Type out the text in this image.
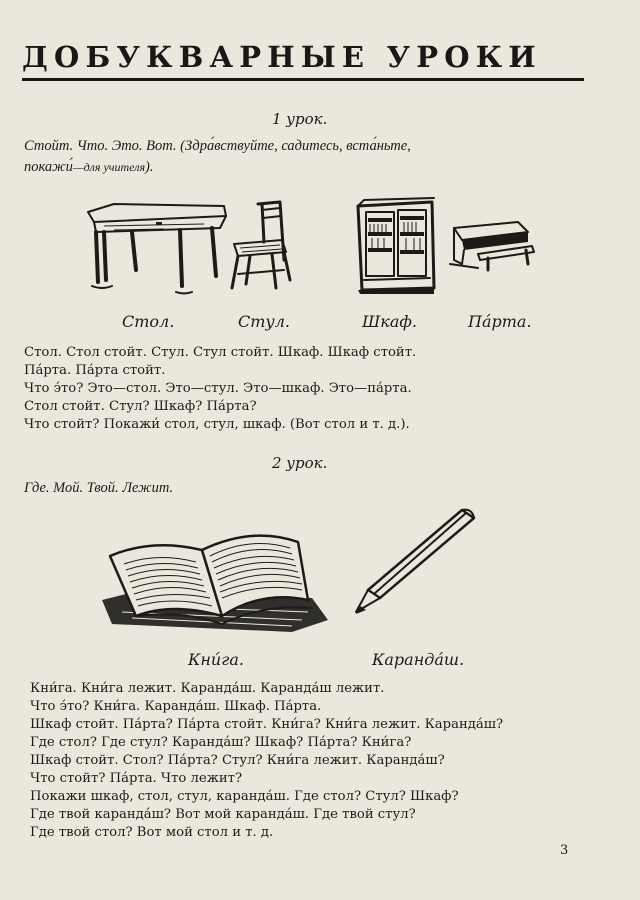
ДОБУКВАРНЫЕ УРОКИ
1 урок.
Стойт. Что. Это. Вот. (Здра́вствуйте, садитесь, вста́ньте,
покажи́—для учителя).
Стол.	Стул.	Шкаф.	Па́рта.
Стол. Стол стойт. Стул. Стул стойт. Шкаф. Шкаф стойт.
Па́рта. Па́рта стойт.
Что э́то? Это—стол. Это—стул. Это—шкаф. Это—па́рта.
Стол стойт. Стул? Шкаф? Па́рта?
Что стойт? Покажи́ стол, стул, шкаф. (Вот стол и т. д.).
2 урок.
Где. Мой. Твой. Лежит.
Кни́га.	Каранда́ш.
Кни́га. Кни́га лежит. Каранда́ш. Каранда́ш лежит.
Что э́то? Кни́га. Каранда́ш. Шкаф. Па́рта.
Шкаф стойт. Па́рта? Па́рта стойт. Кни́га? Кни́га лежит. Каранда́ш?
Где стол? Где стул? Каранда́ш? Шкаф? Па́рта? Кни́га?
Шкаф стойт. Стол? Па́рта? Стул? Кни́га лежит. Каранда́ш?
Что стойт? Па́рта. Что лежит?
Покажи шкаф, стол, стул, каранда́ш. Где стол? Стул? Шкаф?
Где твой каранда́ш? Вот мой каранда́ш. Где твой стул?
Где твой стол? Вот мой стол и т. д.
3
